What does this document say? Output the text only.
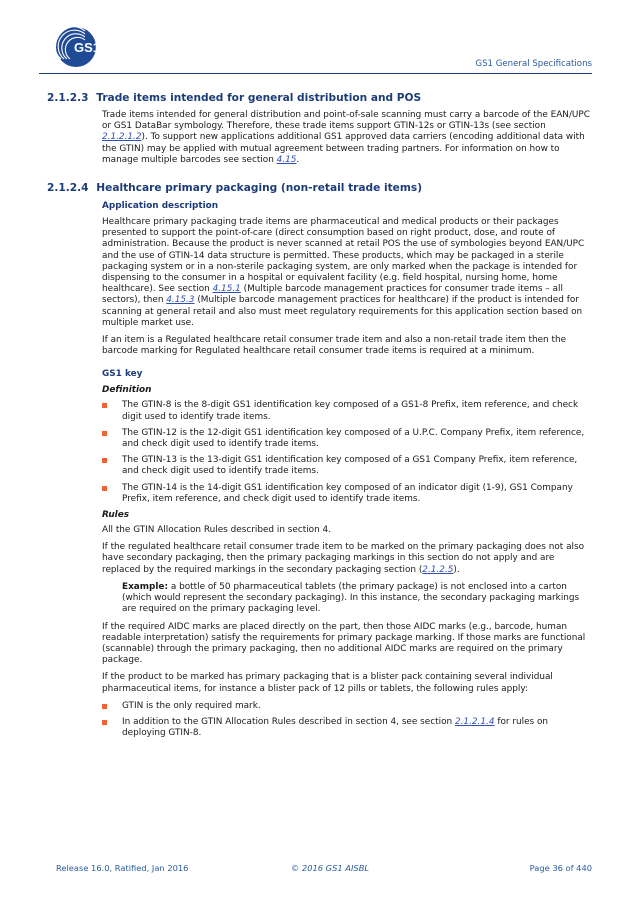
GS1
GS1 General Specifications
2.1.2.3 Trade items intended for general distribution and POS

Trade items intended for general distribution and point-of-sale scanning must carry a barcode of the EAN/UPC or GS1 DataBar symbology. Therefore, these trade items support GTIN-12s or GTIN-13s (see section 2.1.2.1.2). To support new applications additional GS1 approved data carriers (encoding additional data with the GTIN) may be applied with mutual agreement between trading partners. For information on how to manage multiple barcodes see section 4.15.

2.1.2.4 Healthcare primary packaging (non-retail trade items)
Application description

Healthcare primary packaging trade items are pharmaceutical and medical products or their packages presented to support the point-of-care (direct consumption based on right product, dose, and route of administration. Because the product is never scanned at retail POS the use of symbologies beyond EAN/UPC and the use of GTIN-14 data structure is permitted. These products, which may be packaged in a sterile packaging system or in a non-sterile packaging system, are only marked when the package is intended for dispensing to the consumer in a hospital or equivalent facility (e.g. field hospital, nursing home, home healthcare). See section 4.15.1 (Multiple barcode management practices for consumer trade items – all sectors), then 4.15.3 (Multiple barcode management practices for healthcare) if the product is intended for scanning at general retail and also must meet regulatory requirements for this application section based on multiple market use.

If an item is a Regulated healthcare retail consumer trade item and also a non-retail trade item then the barcode marking for Regulated healthcare retail consumer trade items is required at a minimum.

GS1 key
Definition
The GTIN-8 is the 8-digit GS1 identification key composed of a GS1-8 Prefix, item reference, and check digit used to identify trade items.
The GTIN-12 is the 12-digit GS1 identification key composed of a U.P.C. Company Prefix, item reference, and check digit used to identify trade items.
The GTIN-13 is the 13-digit GS1 identification key composed of a GS1 Company Prefix, item reference, and check digit used to identify trade items.
The GTIN-14 is the 14-digit GS1 identification key composed of an indicator digit (1-9), GS1 Company Prefix, item reference, and check digit used to identify trade items.
Rules

All the GTIN Allocation Rules described in section 4.

If the regulated healthcare retail consumer trade item to be marked on the primary packaging does not also have secondary packaging, then the primary packaging markings in this section do not apply and are replaced by the required markings in the secondary packaging section (2.1.2.5).

Example: a bottle of 50 pharmaceutical tablets (the primary package) is not enclosed into a carton (which would represent the secondary packaging). In this instance, the secondary packaging markings are required on the primary packaging level.

If the required AIDC marks are placed directly on the part, then those AIDC marks (e.g., barcode, human readable interpretation) satisfy the requirements for primary package marking. If those marks are functional (scannable) through the primary packaging, then no additional AIDC marks are required on the primary package.

If the product to be marked has primary packaging that is a blister pack containing several individual pharmaceutical items, for instance a blister pack of 12 pills or tablets, the following rules apply:

GTIN is the only required mark.
In addition to the GTIN Allocation Rules described in section 4, see section 2.1.2.1.4 for rules on deploying GTIN-8.
Release 16.0, Ratified, Jan 2016	© 2016 GS1 AISBL	Page 36 of 440
